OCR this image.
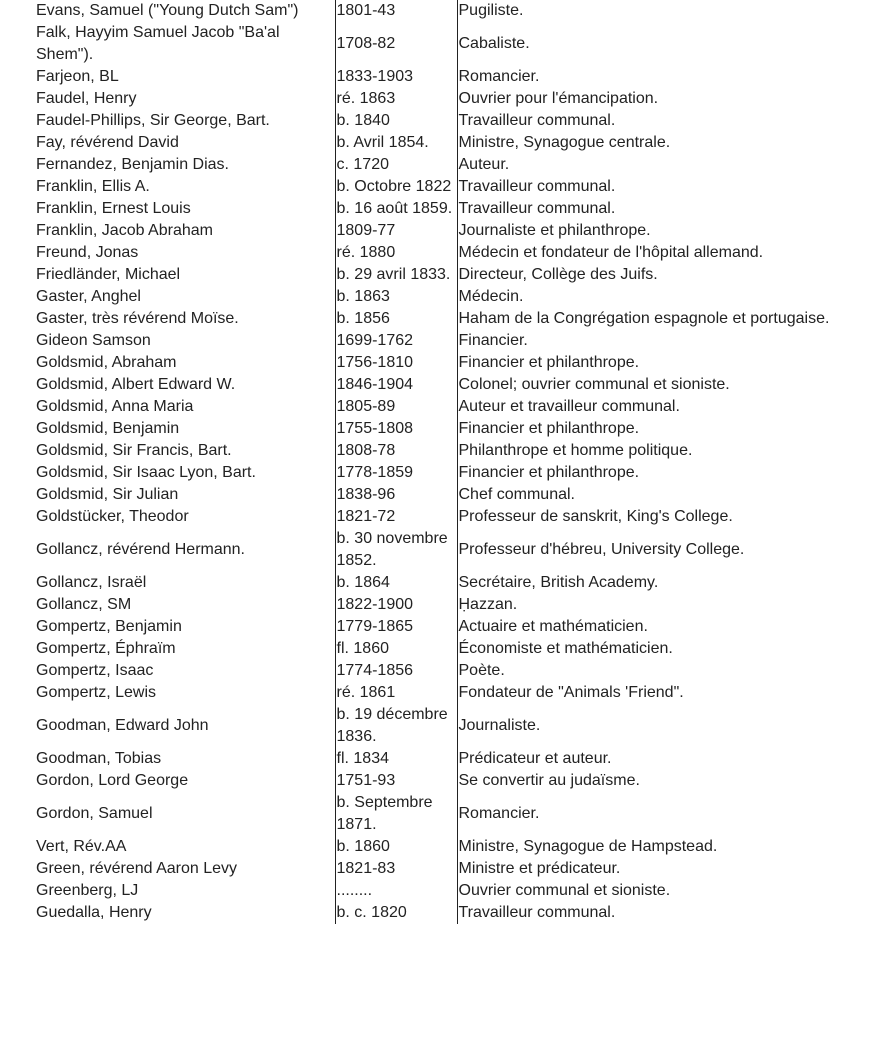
Evans, Samuel ("Young Dutch Sam")	1801-43	Pugiliste.
Falk, Hayyim Samuel Jacob "Ba'al Shem").	1708-82	Cabaliste.
Farjeon, BL	1833-1903	Romancier.
Faudel, Henry	ré. 1863	Ouvrier pour l'émancipation.
Faudel-Phillips, Sir George, Bart.	b. 1840	Travailleur communal.
Fay, révérend David	b. Avril 1854.	Ministre, Synagogue centrale.
Fernandez, Benjamin Dias.	c. 1720	Auteur.
Franklin, Ellis A.	b. Octobre 1822	Travailleur communal.
Franklin, Ernest Louis	b. 16 août 1859.	Travailleur communal.
Franklin, Jacob Abraham	1809-77	Journaliste et philanthrope.
Freund, Jonas	ré. 1880	Médecin et fondateur de l'hôpital allemand.
Friedländer, Michael	b. 29 avril 1833.	Directeur, Collège des Juifs.
Gaster, Anghel	b. 1863	Médecin.
Gaster, très révérend Moïse.	b. 1856	Haham de la Congrégation espagnole et portugaise.
Gideon Samson	1699-1762	Financier.
Goldsmid, Abraham	1756-1810	Financier et philanthrope.
Goldsmid, Albert Edward W.	1846-1904	Colonel; ouvrier communal et sioniste.
Goldsmid, Anna Maria	1805-89	Auteur et travailleur communal.
Goldsmid, Benjamin	1755-1808	Financier et philanthrope.
Goldsmid, Sir Francis, Bart.	1808-78	Philanthrope et homme politique.
Goldsmid, Sir Isaac Lyon, Bart.	1778-1859	Financier et philanthrope.
Goldsmid, Sir Julian	1838-96	Chef communal.
Goldstücker, Theodor	1821-72	Professeur de sanskrit, King's College.
Gollancz, révérend Hermann.	b. 30 novembre 1852.	Professeur d'hébreu, University College.
Gollancz, Israël	b. 1864	Secrétaire, British Academy.
Gollancz, SM	1822-1900	Ḥazzan.
Gompertz, Benjamin	1779-1865	Actuaire et mathématicien.
Gompertz, Éphraïm	fl. 1860	Économiste et mathématicien.
Gompertz, Isaac	1774-1856	Poète.
Gompertz, Lewis	ré. 1861	Fondateur de "Animals 'Friend".
Goodman, Edward John	b. 19 décembre 1836.	Journaliste.
Goodman, Tobias	fl. 1834	Prédicateur et auteur.
Gordon, Lord George	1751-93	Se convertir au judaïsme.
Gordon, Samuel	b. Septembre 1871.	Romancier.
Vert, Rév.AA	b. 1860	Ministre, Synagogue de Hampstead.
Green, révérend Aaron Levy	1821-83	Ministre et prédicateur.
Greenberg, LJ	........	Ouvrier communal et sioniste.
Guedalla, Henry	b. c. 1820	Travailleur communal.
